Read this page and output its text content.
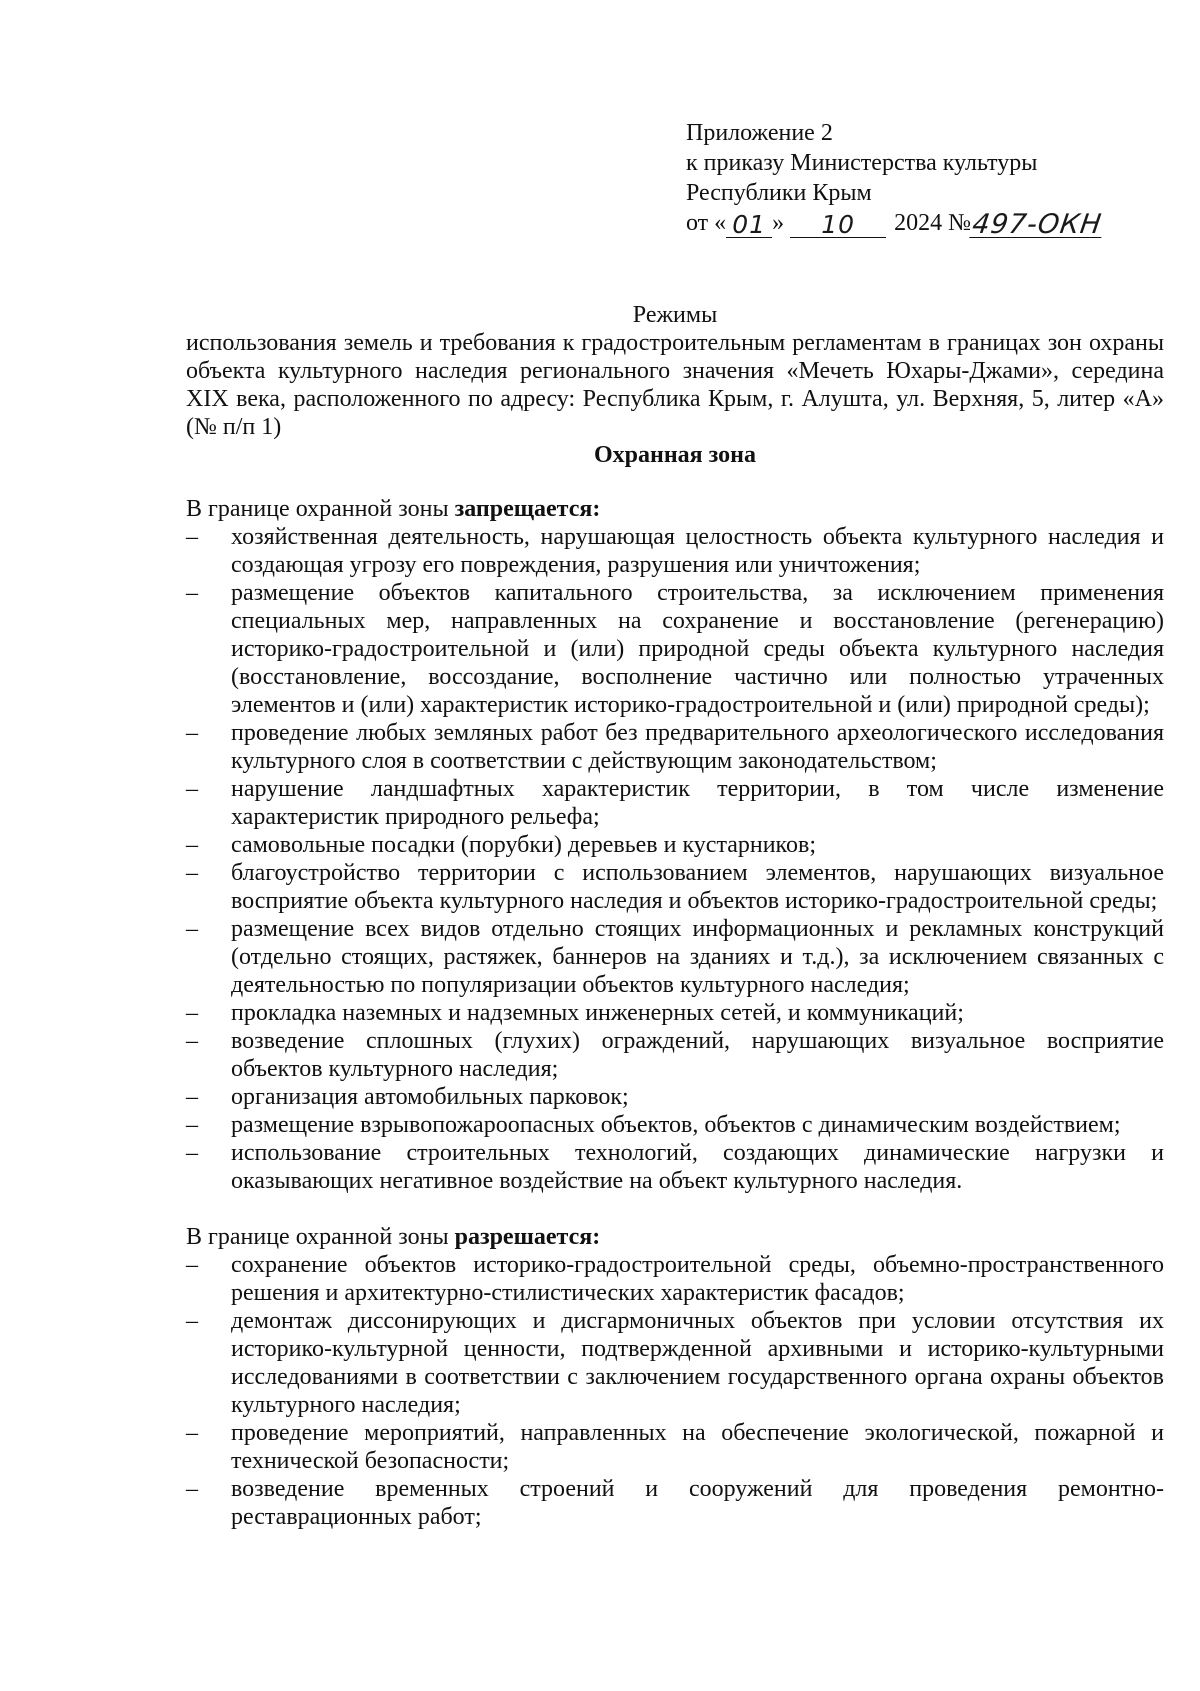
Приложение 2
к приказу Министерства культуры
Республики Крым
от « 01 »	10	2024 № 497-ОКН
Режимы
использования земель и требования к градостроительным регламентам в границах зон охраны объекта культурного наследия регионального значения «Мечеть Юхары-Джами», середина XIX века, расположенного по адресу: Республика Крым, г. Алушта, ул. Верхняя, 5, литер «А» (№ п/п 1)
Охранная зона
В границе охранной зоны запрещается:
– хозяйственная деятельность, нарушающая целостность объекта культурного наследия и создающая угрозу его повреждения, разрушения или уничтожения;
– размещение объектов капитального строительства, за исключением применения специальных мер, направленных на сохранение и восстановление (регенерацию) историко-градостроительной и (или) природной среды объекта культурного наследия (восстановление, воссоздание, восполнение частично или полностью утраченных элементов и (или) характеристик историко-градостроительной и (или) природной среды);
– проведение любых земляных работ без предварительного археологического исследования культурного слоя в соответствии с действующим законодательством;
– нарушение ландшафтных характеристик территории, в том числе изменение характеристик природного рельефа;
– самовольные посадки (порубки) деревьев и кустарников;
– благоустройство территории с использованием элементов, нарушающих визуальное восприятие объекта культурного наследия и объектов историко-градостроительной среды;
– размещение всех видов отдельно стоящих информационных и рекламных конструкций (отдельно стоящих, растяжек, баннеров на зданиях и т.д.), за исключением связанных с деятельностью по популяризации объектов культурного наследия;
– прокладка наземных и надземных инженерных сетей, и коммуникаций;
– возведение сплошных (глухих) ограждений, нарушающих визуальное восприятие объектов культурного наследия;
– организация автомобильных парковок;
– размещение взрывопожароопасных объектов, объектов с динамическим воздействием;
– использование строительных технологий, создающих динамические нагрузки и оказывающих негативное воздействие на объект культурного наследия.
В границе охранной зоны разрешается:
– сохранение объектов историко-градостроительной среды, объемно-пространственного решения и архитектурно-стилистических характеристик фасадов;
– демонтаж диссонирующих и дисгармоничных объектов при условии отсутствия их историко-культурной ценности, подтвержденной архивными и историко-культурными исследованиями в соответствии с заключением государственного органа охраны объектов культурного наследия;
– проведение мероприятий, направленных на обеспечение экологической, пожарной и технической безопасности;
– возведение временных строений и сооружений для проведения ремонтно-реставрационных работ;
